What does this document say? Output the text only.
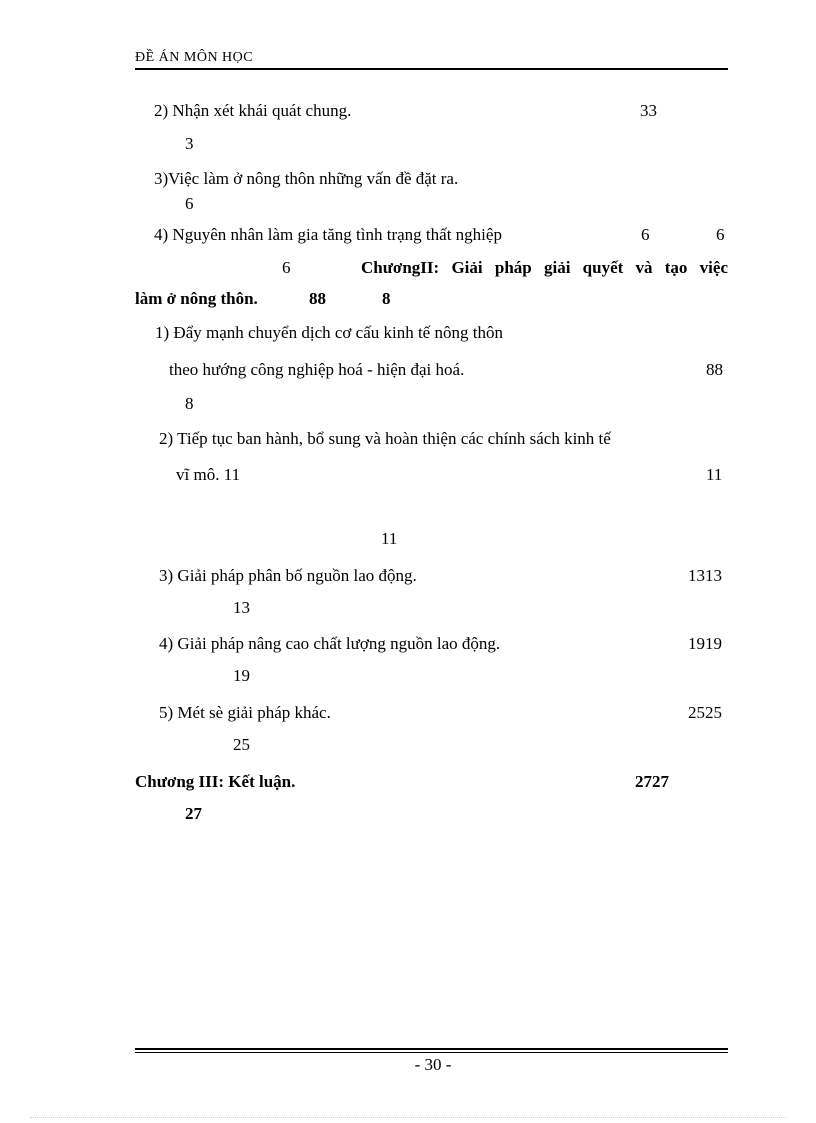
ĐỀ ÁN MÔN HỌC
2) Nhận xét khái quát chung.	33
3
3)Việc làm ở nông thôn những vấn đề đặt ra.
6
4) Nguyên nhân làm gia tăng tình trạng thất nghiệp	6	6
6	ChươngII: Giải pháp giải quyết và tạo việc
làm ở nông thôn.	88	8
1) Đẩy mạnh chuyển dịch cơ cấu kinh tế nông thôn
theo hướng công nghiệp hoá - hiện đại hoá.	88
8
2) Tiếp tục ban hành, bổ sung và hoàn thiện các chính sách kinh tế
vĩ mô. 11	11
11
3) Giải pháp phân bố nguồn lao động.	1313
13
4) Giải pháp nâng cao chất lượng nguồn lao động.	1919
19
5) Mét sè giải pháp khác.	2525
25
Chương III: Kết luận.	2727
27
- 30 -
